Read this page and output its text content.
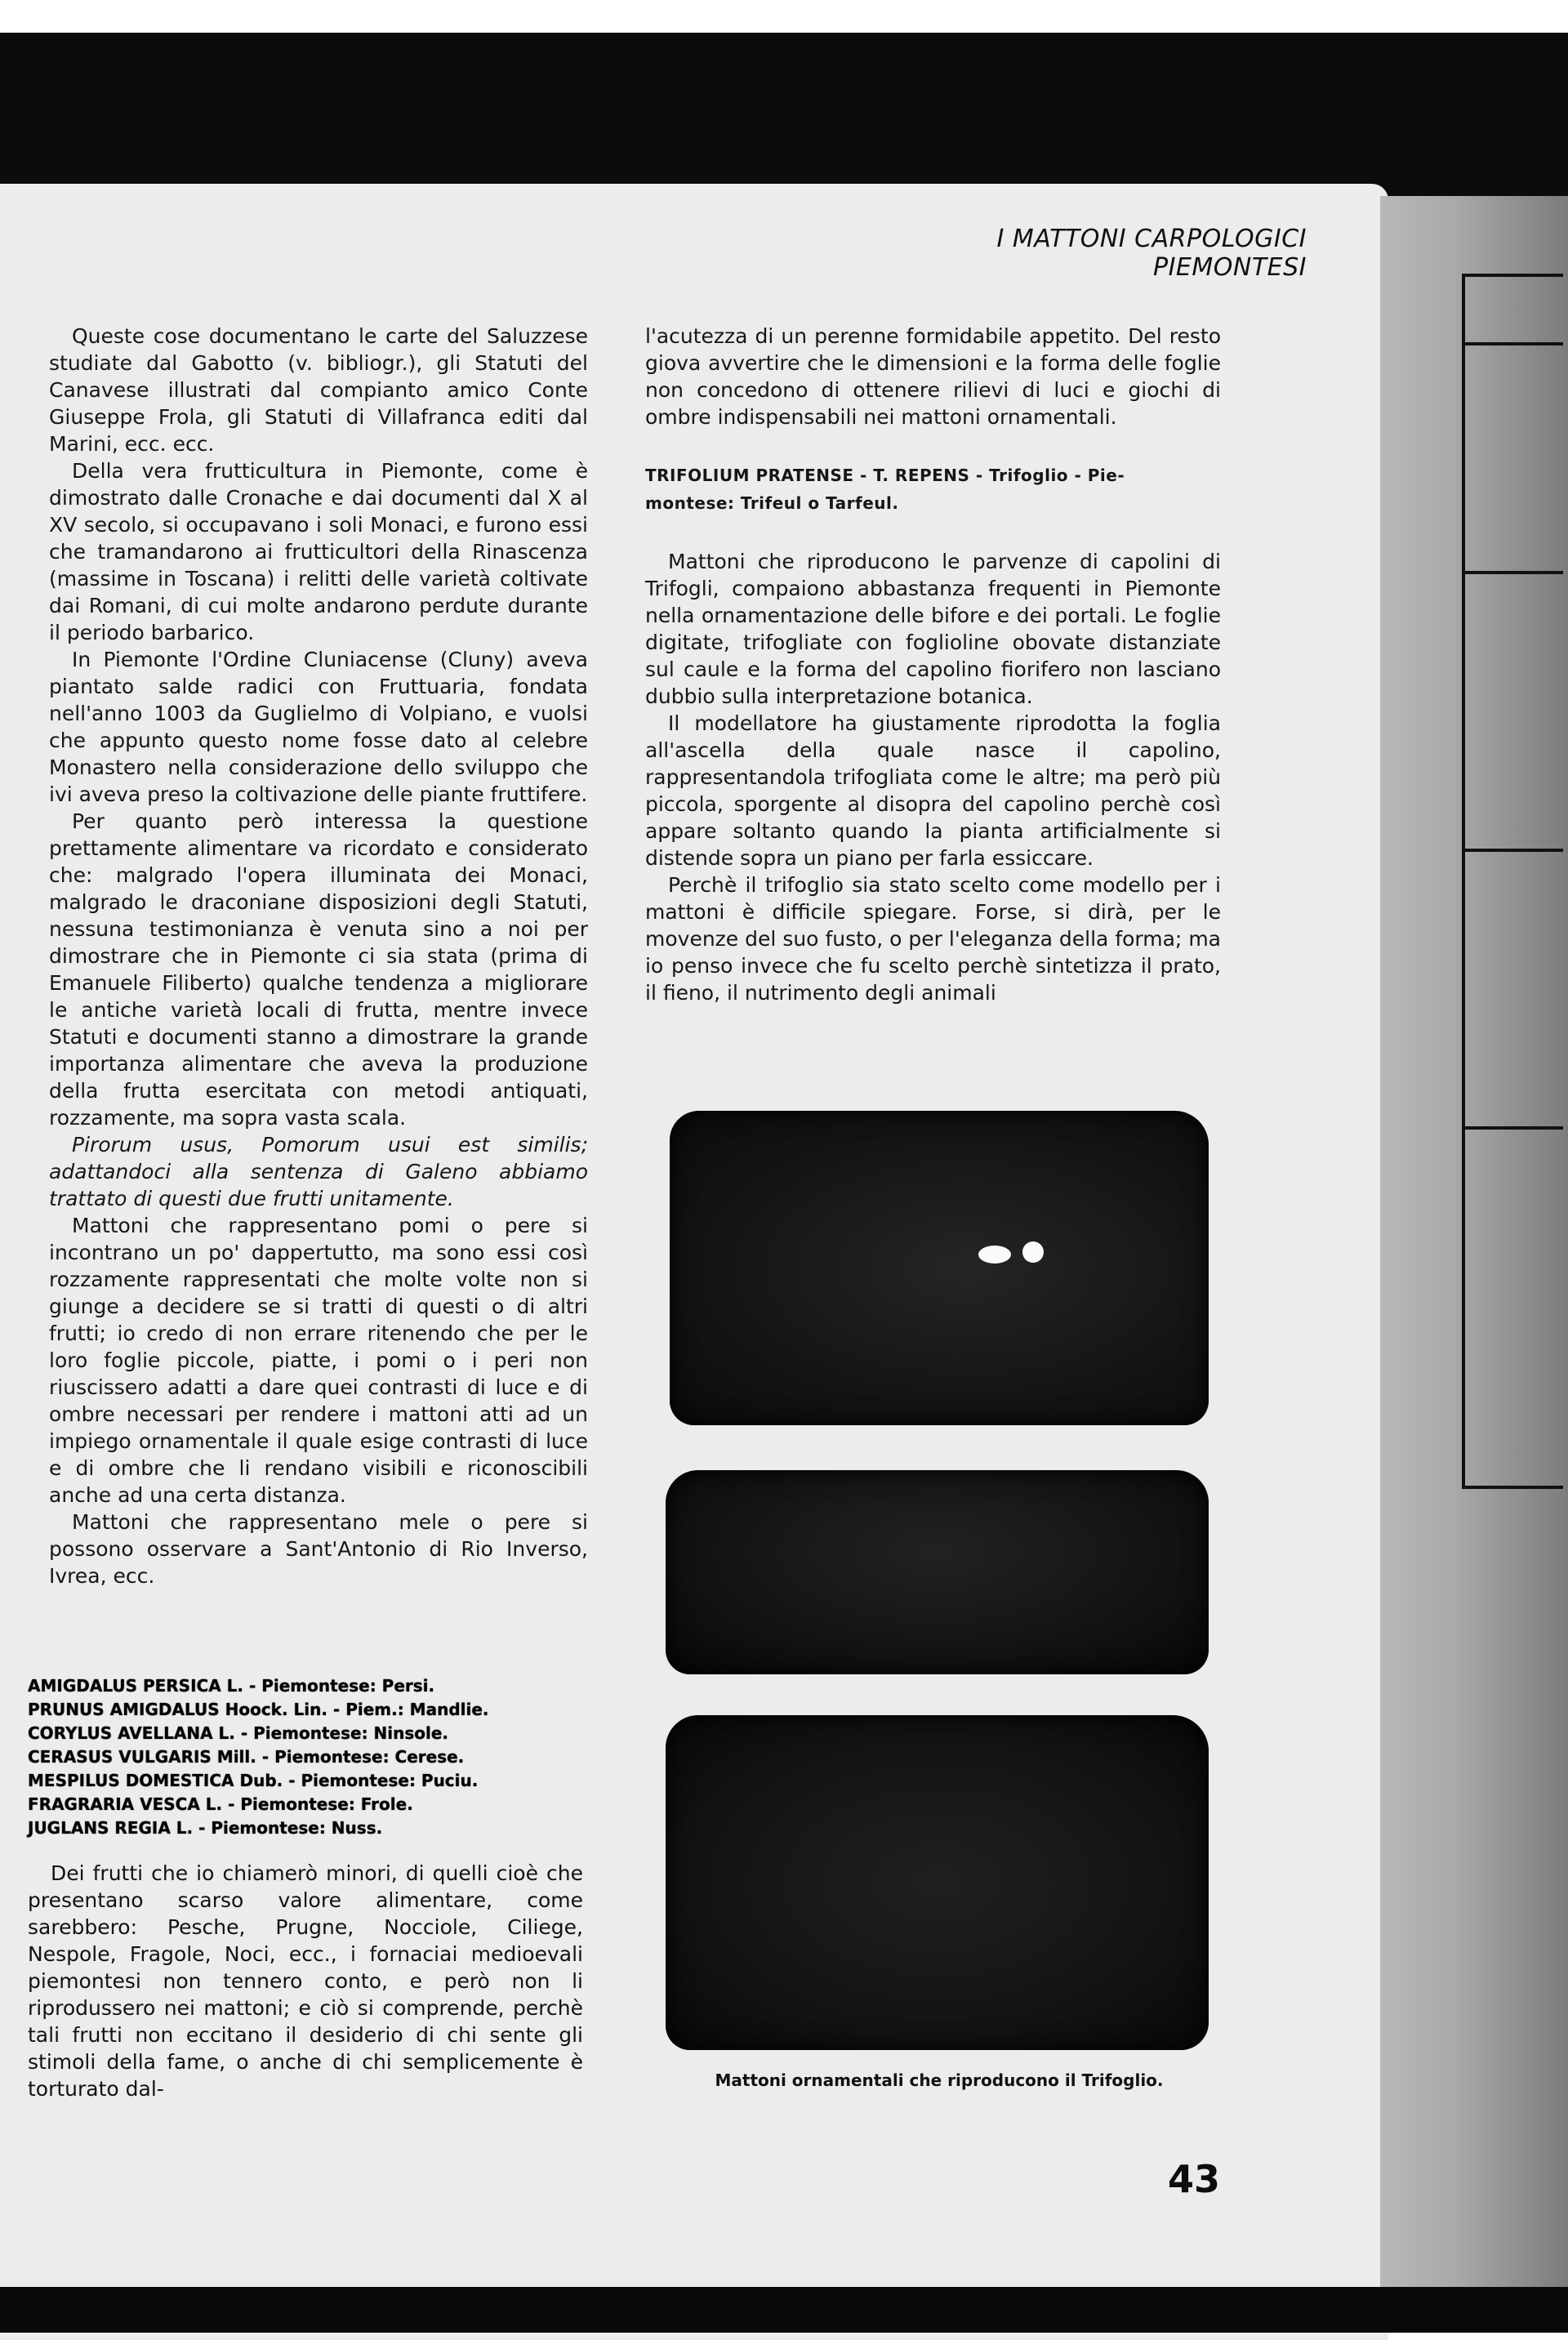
I MATTONI CARPOLOGICI PIEMONTESI

Queste cose documentano le carte del Saluzzese studiate dal Gabotto (v. bibliogr.), gli Statuti del Canavese illustrati dal compianto amico Conte Giuseppe Frola, gli Statuti di Villafranca editi dal Marini, ecc. ecc.

Della vera frutticultura in Piemonte, come è dimostrato dalle Cronache e dai documenti dal X al XV secolo, si occupavano i soli Monaci, e furono essi che tramandarono ai frutticultori della Rinascenza (massime in Toscana) i relitti delle varietà coltivate dai Romani, di cui molte andarono perdute durante il periodo barbarico.

In Piemonte l'Ordine Cluniacense (Cluny) aveva piantato salde radici con Fruttuaria, fondata nell'anno 1003 da Guglielmo di Volpiano, e vuolsi che appunto questo nome fosse dato al celebre Monastero nella considerazione dello sviluppo che ivi aveva preso la coltivazione delle piante fruttifere.

Per quanto però interessa la questione prettamente alimentare va ricordato e considerato che: malgrado l'opera illuminata dei Monaci, malgrado le draconiane disposizioni degli Statuti, nessuna testimonianza è venuta sino a noi per dimostrare che in Piemonte ci sia stata (prima di Emanuele Filiberto) qualche tendenza a migliorare le antiche varietà locali di frutta, mentre invece Statuti e documenti stanno a dimostrare la grande importanza alimentare che aveva la produzione della frutta esercitata con metodi antiquati, rozzamente, ma sopra vasta scala.

Pirorum usus, Pomorum usui est similis; adattandoci alla sentenza di Galeno abbiamo trattato di questi due frutti unitamente.

Mattoni che rappresentano pomi o pere si incontrano un po' dappertutto, ma sono essi così rozzamente rappresentati che molte volte non si giunge a decidere se si tratti di questi o di altri frutti; io credo di non errare ritenendo che per le loro foglie piccole, piatte, i pomi o i peri non riuscissero adatti a dare quei contrasti di luce e di ombre necessari per rendere i mattoni atti ad un impiego ornamentale il quale esige contrasti di luce e di ombre che li rendano visibili e riconoscibili anche ad una certa distanza.

Mattoni che rappresentano mele o pere si possono osservare a Sant'Antonio di Rio Inverso, Ivrea, ecc.

AMIGDALUS PERSICA L. - Piemontese: Persi.
PRUNUS AMIGDALUS Hoock. Lin. - Piem.: Mandlie.
CORYLUS AVELLANA L. - Piemontese: Ninsole.
CERASUS VULGARIS Mill. - Piemontese: Cerese.
MESPILUS DOMESTICA Dub. - Piemontese: Puciu.
FRAGRARIA VESCA L. - Piemontese: Frole.
JUGLANS REGIA L. - Piemontese: Nuss.

Dei frutti che io chiamerò minori, di quelli cioè che presentano scarso valore alimentare, come sarebbero: Pesche, Prugne, Nocciole, Ciliege, Nespole, Fragole, Noci, ecc., i fornaciai medioevali piemontesi non tennero conto, e però non li riprodussero nei mattoni; e ciò si comprende, perchè tali frutti non eccitano il desiderio di chi sente gli stimoli della fame, o anche di chi semplicemente è torturato dal-

l'acutezza di un perenne formidabile appetito. Del resto giova avvertire che le dimensioni e la forma delle foglie non concedono di ottenere rilievi di luci e giochi di ombre indispensabili nei mattoni ornamentali.

TRIFOLIUM PRATENSE - T. REPENS - Trifoglio - Pie-
montese: Trifeul o Tarfeul.

Mattoni che riproducono le parvenze di capolini di Trifogli, compaiono abbastanza frequenti in Piemonte nella ornamentazione delle bifore e dei portali. Le foglie digitate, trifogliate con foglioline obovate distanziate sul caule e la forma del capolino fiorifero non lasciano dubbio sulla interpretazione botanica.

Il modellatore ha giustamente riprodotta la foglia all'ascella della quale nasce il capolino, rappresentandola trifogliata come le altre; ma però più piccola, sporgente al disopra del capolino perchè così appare soltanto quando la pianta artificialmente si distende sopra un piano per farla essiccare.

Perchè il trifoglio sia stato scelto come modello per i mattoni è difficile spiegare. Forse, si dirà, per le movenze del suo fusto, o per l'eleganza della forma; ma io penso invece che fu scelto perchè sintetizza il prato, il fieno, il nutrimento degli animali

Mattoni ornamentali che riproducono il Trifoglio.
43
